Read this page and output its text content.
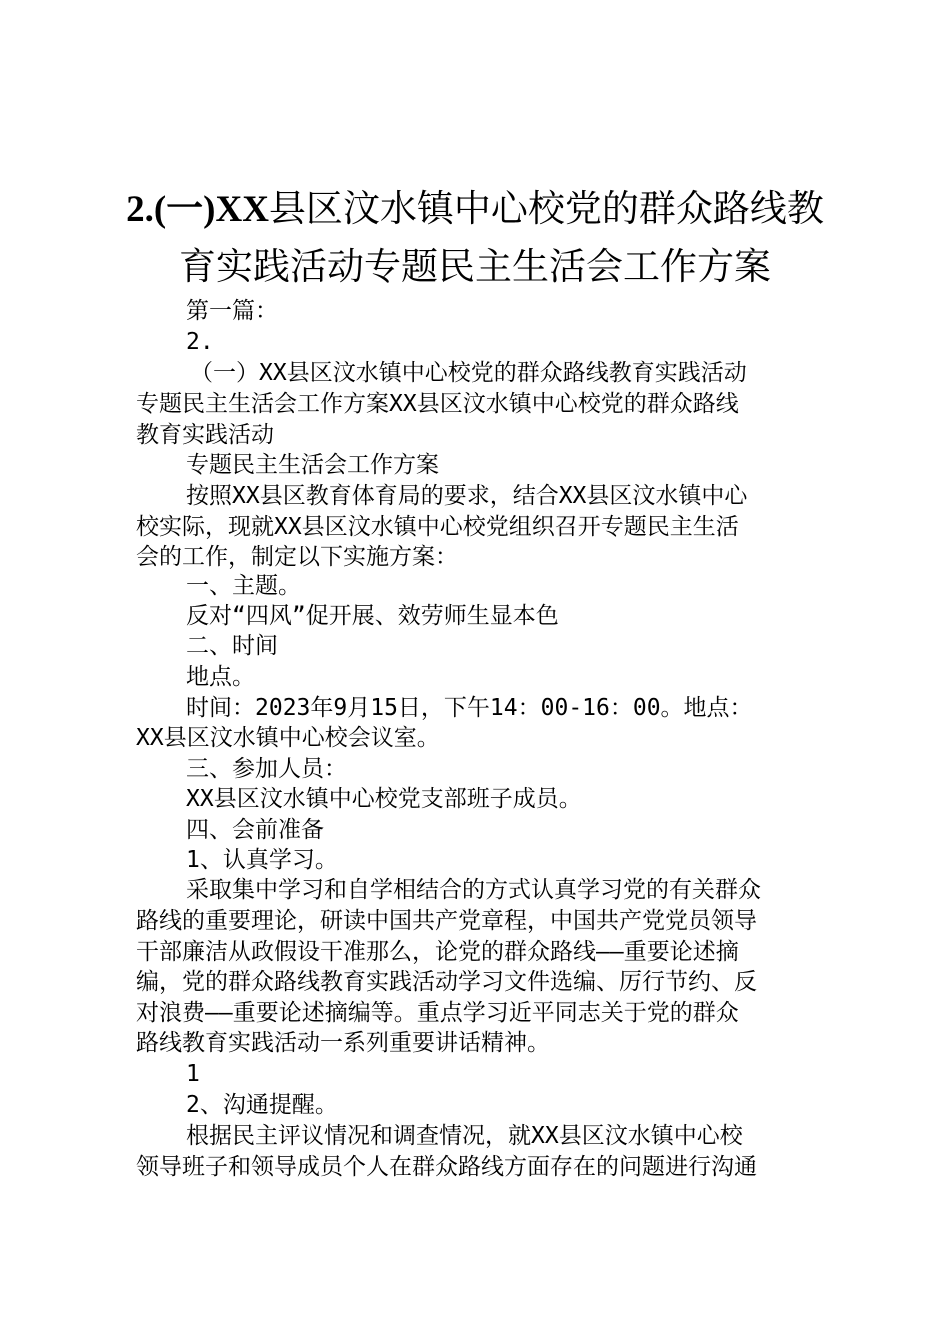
2.(一)XX县区汶水镇中心校党的群众路线教
育实践活动专题民主生活会工作方案
第一篇：
2.
（一）XX县区汶水镇中心校党的群众路线教育实践活动
专题民主生活会工作方案XX县区汶水镇中心校党的群众路线
教育实践活动
专题民主生活会工作方案
按照XX县区教育体育局的要求，结合XX县区汶水镇中心
校实际，现就XX县区汶水镇中心校党组织召开专题民主生活
会的工作，制定以下实施方案：
一、主题。
反对“四风”促开展、效劳师生显本色
二、时间
地点。
时间：2023年9月15日，下午14：00-16：00。地点：
XX县区汶水镇中心校会议室。
三、参加人员：
XX县区汶水镇中心校党支部班子成员。
四、会前准备
1、认真学习。
采取集中学习和自学相结合的方式认真学习党的有关群众
路线的重要理论，研读中国共产党章程，中国共产党党员领导
干部廉洁从政假设干准那么，论党的群众路线——重要论述摘
编，党的群众路线教育实践活动学习文件选编、厉行节约、反
对浪费——重要论述摘编等。重点学习近平同志关于党的群众
路线教育实践活动一系列重要讲话精神。
1
2、沟通提醒。
根据民主评议情况和调查情况，就XX县区汶水镇中心校
领导班子和领导成员个人在群众路线方面存在的问题进行沟通
